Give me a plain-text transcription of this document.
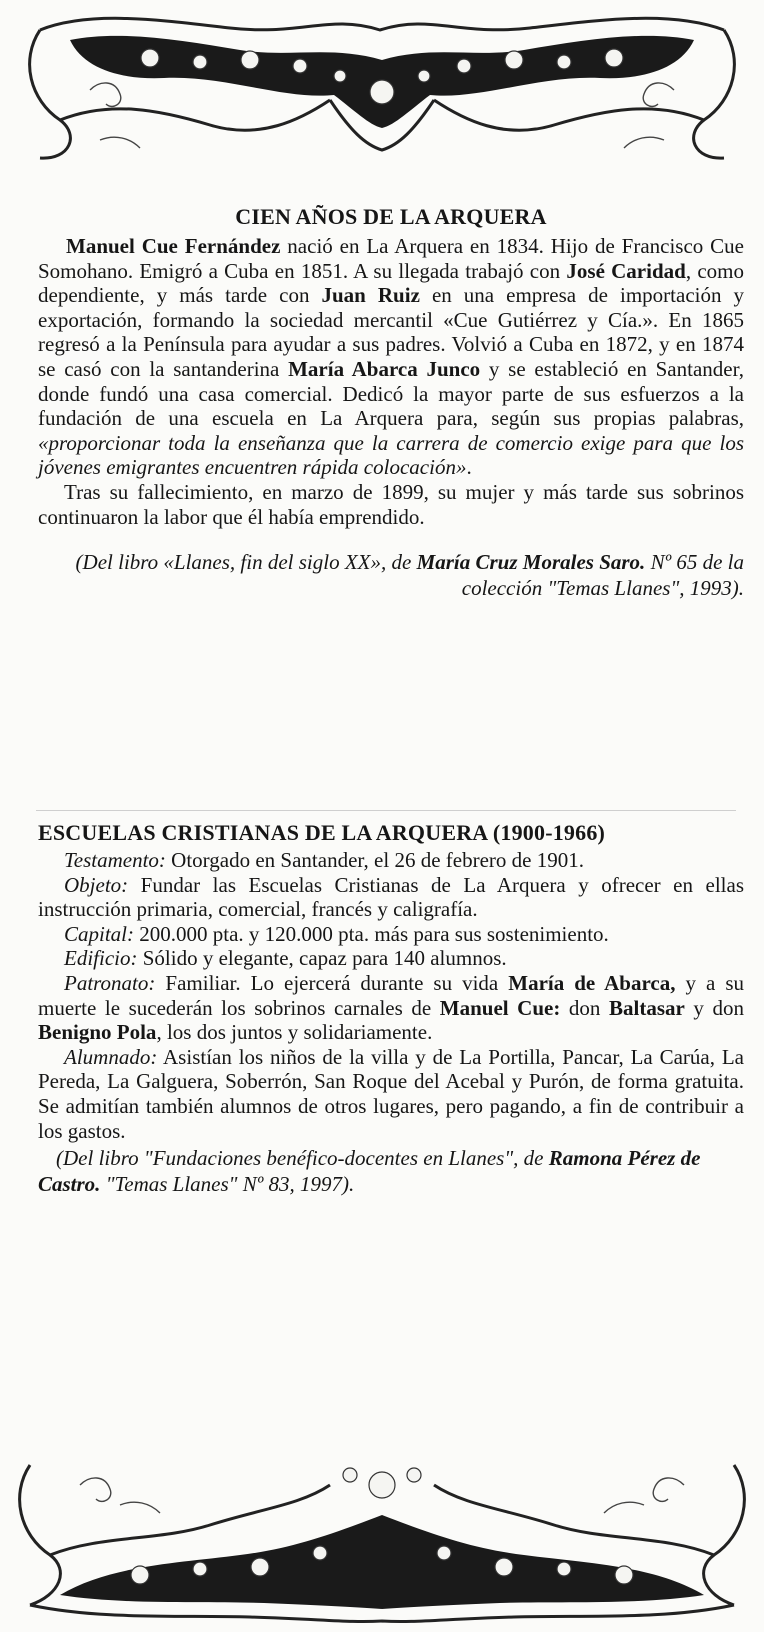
CIEN AÑOS DE LA ARQUERA

Manuel Cue Fernández nació en La Arquera en 1834. Hijo de Francisco Cue Somohano. Emigró a Cuba en 1851. A su llegada trabajó con José Caridad, como dependiente, y más tarde con Juan Ruiz en una empresa de importación y exportación, formando la sociedad mercantil «Cue Gutiérrez y Cía.». En 1865 regresó a la Península para ayudar a sus padres. Volvió a Cuba en 1872, y en 1874 se casó con la santanderina María Abarca Junco y se estableció en Santander, donde fundó una casa comercial. Dedicó la mayor parte de sus esfuerzos a la fundación de una escuela en La Arquera para, según sus propias palabras, «proporcionar toda la enseñanza que la carrera de comercio exige para que los jóvenes emigrantes encuentren rápida colocación».

Tras su fallecimiento, en marzo de 1899, su mujer y más tarde sus sobrinos continuaron la labor que él había emprendido.

(Del libro «Llanes, fin del siglo XX», de María Cruz Morales Saro. Nº 65 de la colección "Temas Llanes", 1993).

ESCUELAS CRISTIANAS DE LA ARQUERA (1900-1966)

Testamento: Otorgado en Santander, el 26 de febrero de 1901.

Objeto: Fundar las Escuelas Cristianas de La Arquera y ofrecer en ellas instrucción primaria, comercial, francés y caligrafía.

Capital: 200.000 pta. y 120.000 pta. más para sus sostenimiento.

Edificio: Sólido y elegante, capaz para 140 alumnos.

Patronato: Familiar. Lo ejercerá durante su vida María de Abarca, y a su muerte le sucederán los sobrinos carnales de Manuel Cue: don Baltasar y don Benigno Pola, los dos juntos y solidariamente.

Alumnado: Asistían los niños de la villa y de La Portilla, Pancar, La Carúa, La Pereda, La Galguera, Soberrón, San Roque del Acebal y Purón, de forma gratuita. Se admitían también alumnos de otros lugares, pero pagando, a fin de contribuir a los gastos.

(Del libro "Fundaciones benéfico-docentes en Llanes", de Ramona Pérez de Castro. "Temas Llanes" Nº 83, 1997).
